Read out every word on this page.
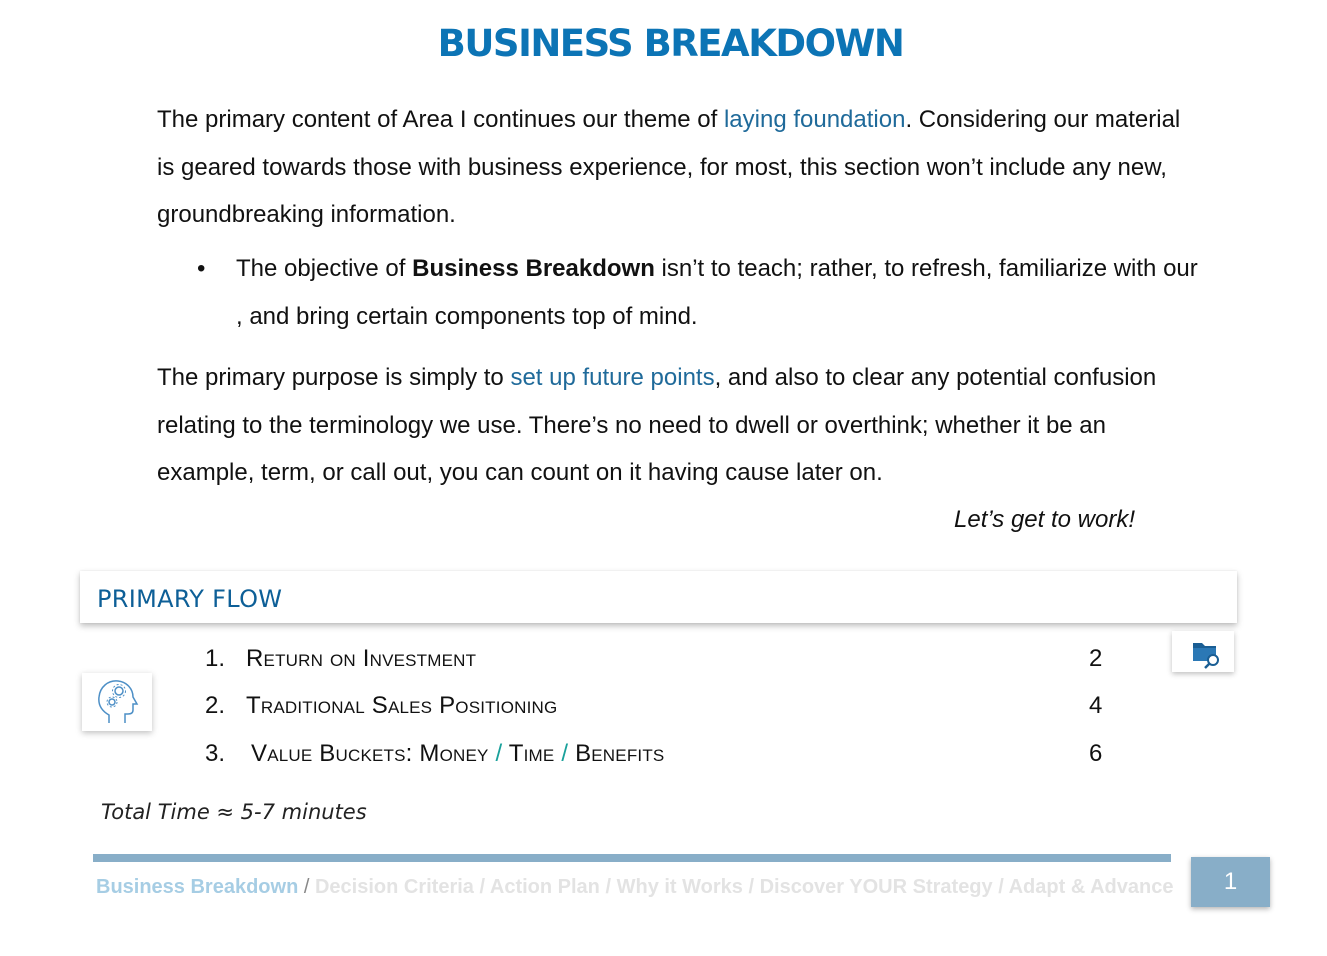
BUSINESS BREAKDOWN
The primary content of Area I continues our theme of laying foundation. Considering our material is geared towards those with business experience, for most, this section won’t include any new, groundbreaking information.
• The objective of Business Breakdown isn’t to teach; rather, to refresh, familiarize with our , and bring certain components top of mind.
The primary purpose is simply to set up future points, and also to clear any potential confusion relating to the terminology we use. There’s no need to dwell or overthink; whether it be an example, term, or call out, you can count on it having cause later on.
Let’s get to work!
PRIMARY FLOW
1. Return on Investment	2
2. Traditional Sales Positioning	4
3. Value Buckets: Money / Time / Benefits	6
Total Time ≈ 5-7 minutes
Business Breakdown / Decision Criteria / Action Plan / Why it Works / Discover YOUR Strategy / Adapt & Advance	1
